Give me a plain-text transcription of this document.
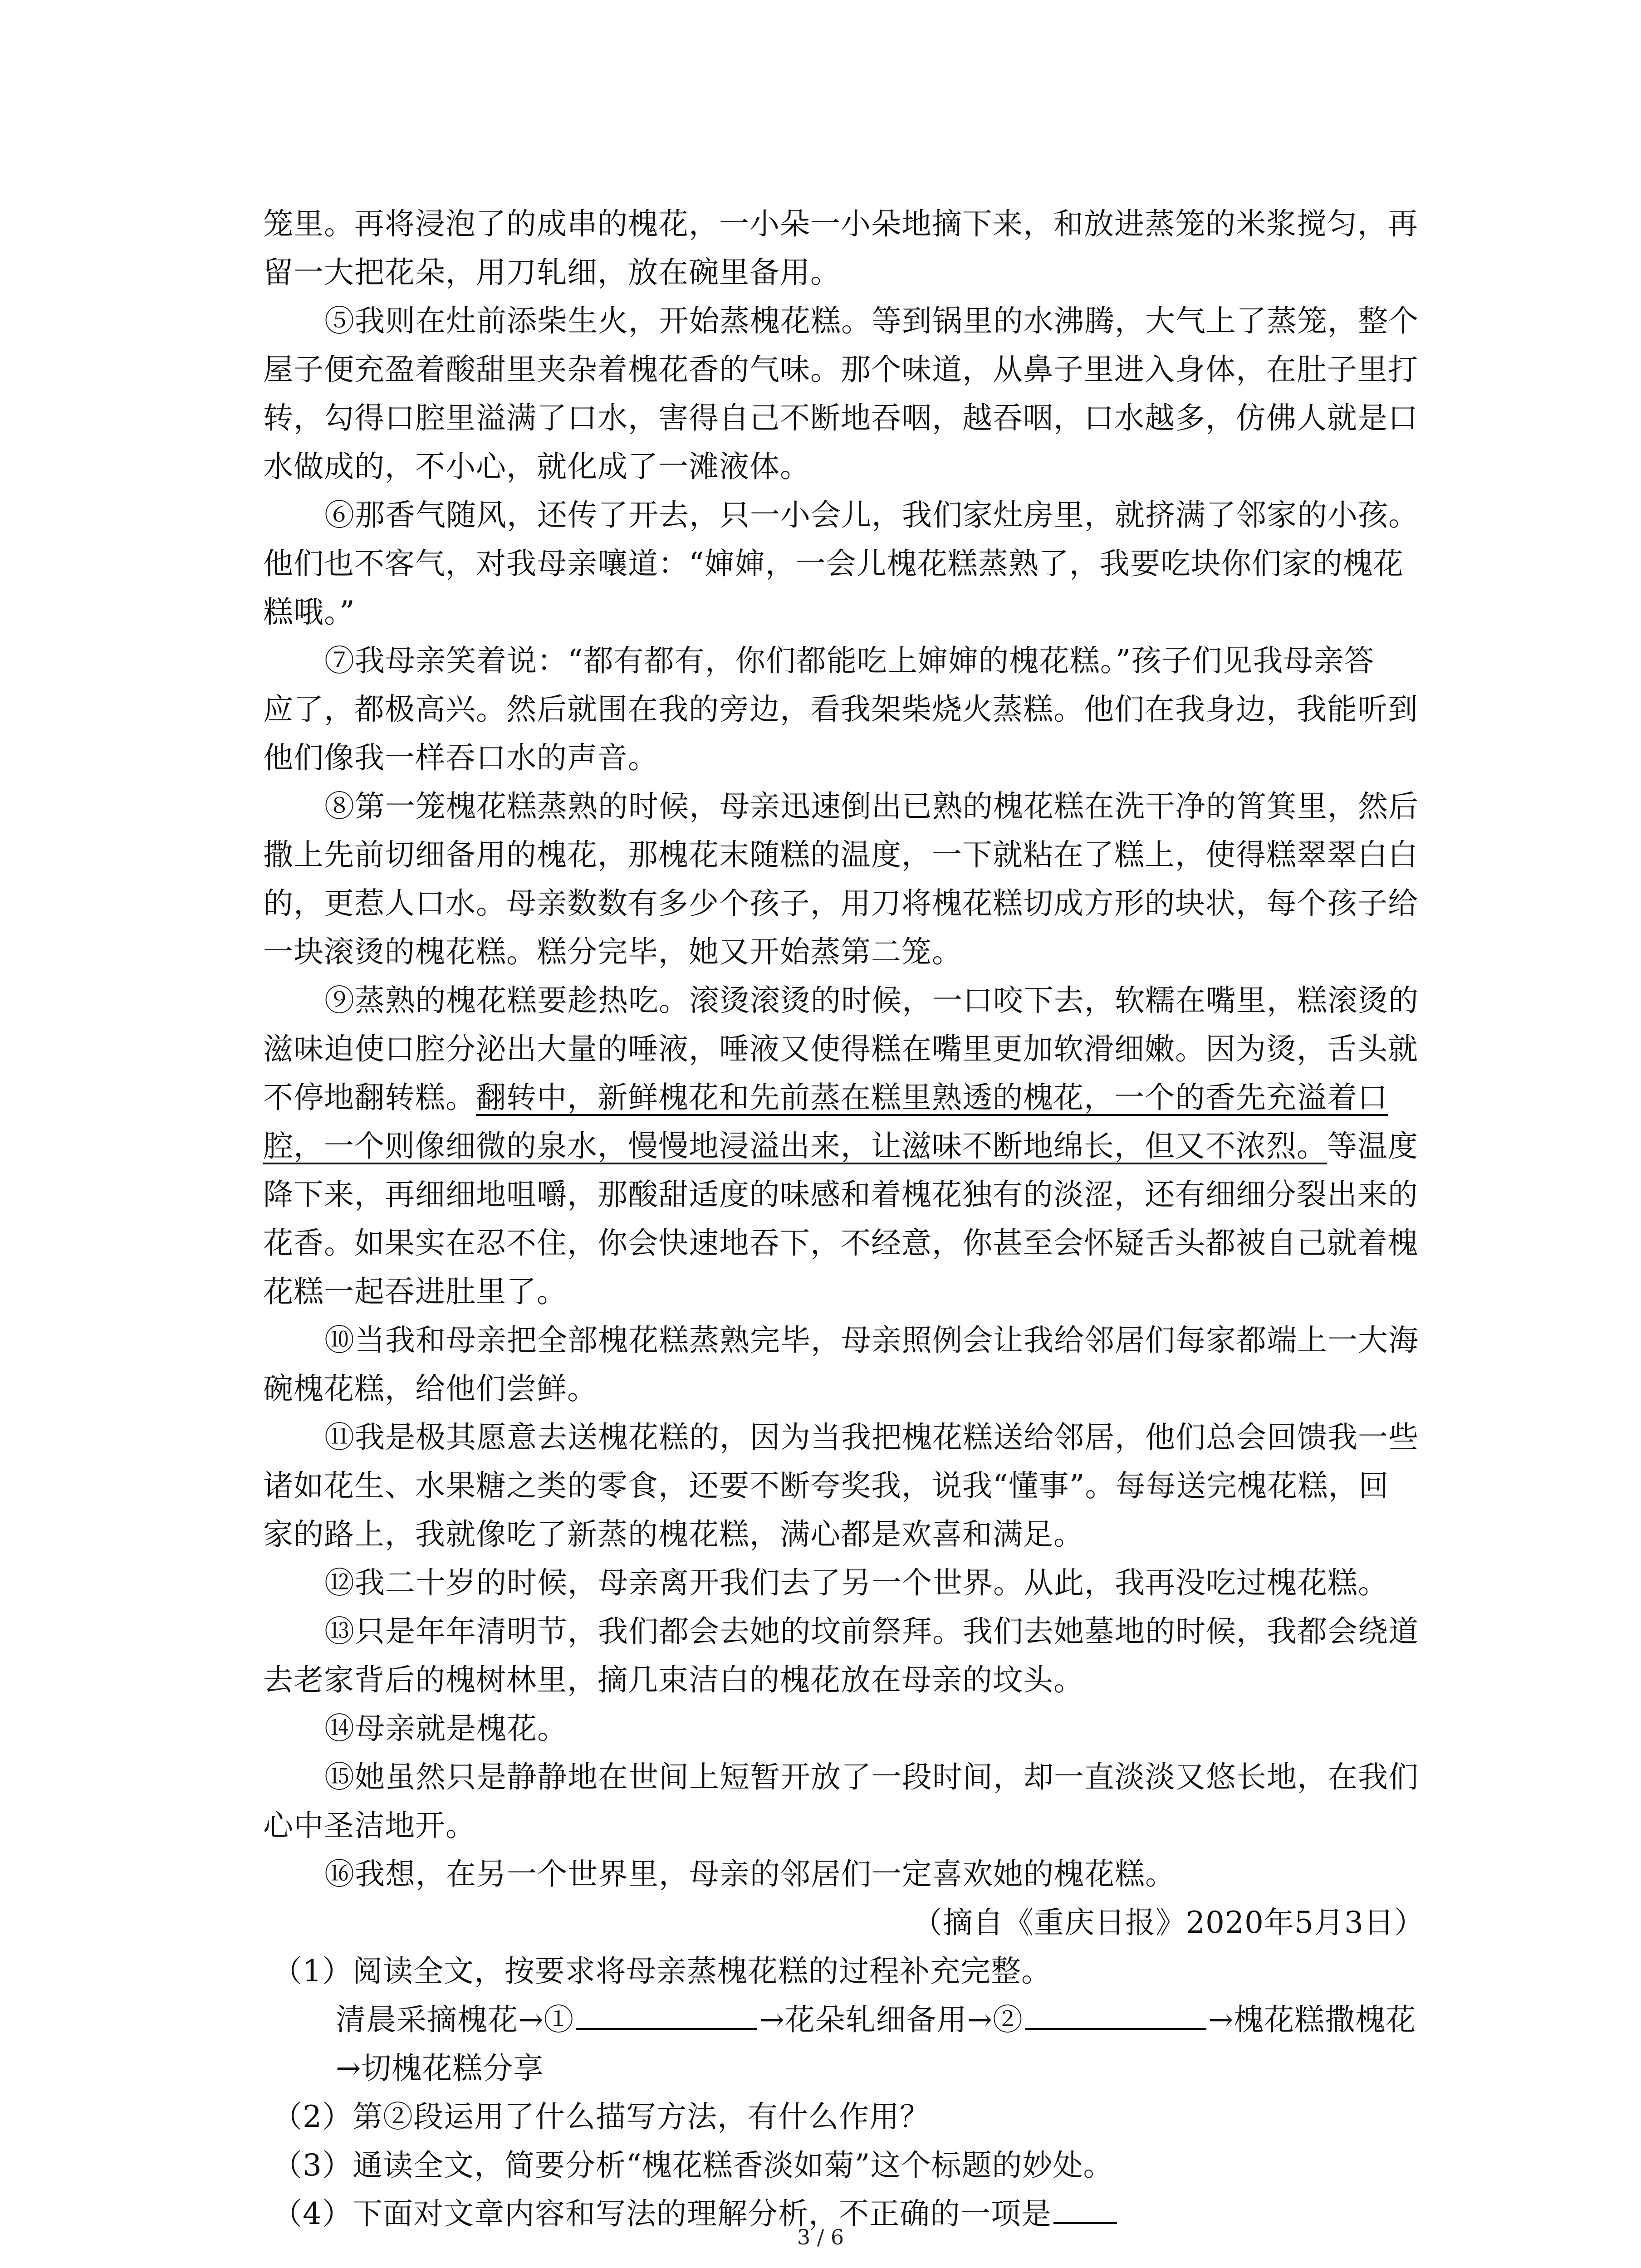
笼里。再将浸泡了的成串的槐花，一小朵一小朵地摘下来，和放进蒸笼的米浆搅匀，再
留一大把花朵，用刀轧细，放在碗里备用。
⑤我则在灶前添柴生火，开始蒸槐花糕。等到锅里的水沸腾，大气上了蒸笼，整个
屋子便充盈着酸甜里夹杂着槐花香的气味。那个味道，从鼻子里进入身体，在肚子里打
转，勾得口腔里溢满了口水，害得自己不断地吞咽，越吞咽，口水越多，仿佛人就是口
水做成的，不小心，就化成了一滩液体。
⑥那香气随风，还传了开去，只一小会儿，我们家灶房里，就挤满了邻家的小孩。
他们也不客气，对我母亲嚷道：“婶婶，一会儿槐花糕蒸熟了，我要吃块你们家的槐花
糕哦。”
⑦我母亲笑着说：“都有都有，你们都能吃上婶婶的槐花糕。”孩子们见我母亲答
应了，都极高兴。然后就围在我的旁边，看我架柴烧火蒸糕。他们在我身边，我能听到
他们像我一样吞口水的声音。
⑧第一笼槐花糕蒸熟的时候，母亲迅速倒出已熟的槐花糕在洗干净的筲箕里，然后
撒上先前切细备用的槐花，那槐花末随糕的温度，一下就粘在了糕上，使得糕翠翠白白
的，更惹人口水。母亲数数有多少个孩子，用刀将槐花糕切成方形的块状，每个孩子给
一块滚烫的槐花糕。糕分完毕，她又开始蒸第二笼。
⑨蒸熟的槐花糕要趁热吃。滚烫滚烫的时候，一口咬下去，软糯在嘴里，糕滚烫的
滋味迫使口腔分泌出大量的唾液，唾液又使得糕在嘴里更加软滑细嫩。因为烫，舌头就
不停地翻转糕。翻转中，新鲜槐花和先前蒸在糕里熟透的槐花，一个的香先充溢着口
腔，一个则像细微的泉水，慢慢地浸溢出来，让滋味不断地绵长，但又不浓烈。等温度
降下来，再细细地咀嚼，那酸甜适度的味感和着槐花独有的淡涩，还有细细分裂出来的
花香。如果实在忍不住，你会快速地吞下，不经意，你甚至会怀疑舌头都被自己就着槐
花糕一起吞进肚里了。
⑩当我和母亲把全部槐花糕蒸熟完毕，母亲照例会让我给邻居们每家都端上一大海
碗槐花糕，给他们尝鲜。
⑪我是极其愿意去送槐花糕的，因为当我把槐花糕送给邻居，他们总会回馈我一些
诸如花生、水果糖之类的零食，还要不断夸奖我，说我“懂事”。每每送完槐花糕，回
家的路上，我就像吃了新蒸的槐花糕，满心都是欢喜和满足。
⑫我二十岁的时候，母亲离开我们去了另一个世界。从此，我再没吃过槐花糕。
⑬只是年年清明节，我们都会去她的坟前祭拜。我们去她墓地的时候，我都会绕道
去老家背后的槐树林里，摘几束洁白的槐花放在母亲的坟头。
⑭母亲就是槐花。
⑮她虽然只是静静地在世间上短暂开放了一段时间，却一直淡淡又悠长地，在我们
心中圣洁地开。
⑯我想，在另一个世界里，母亲的邻居们一定喜欢她的槐花糕。
（摘自《重庆日报》2020年5月3日）
（1）阅读全文，按要求将母亲蒸槐花糕的过程补充完整。
清晨采摘槐花→①	→花朵轧细备用→②	→槐花糕撒槐花
→切槐花糕分享
（2）第②段运用了什么描写方法，有什么作用？
（3）通读全文，简要分析“槐花糕香淡如菊”这个标题的妙处。
（4）下面对文章内容和写法的理解分析，不正确的一项是
3 / 6
